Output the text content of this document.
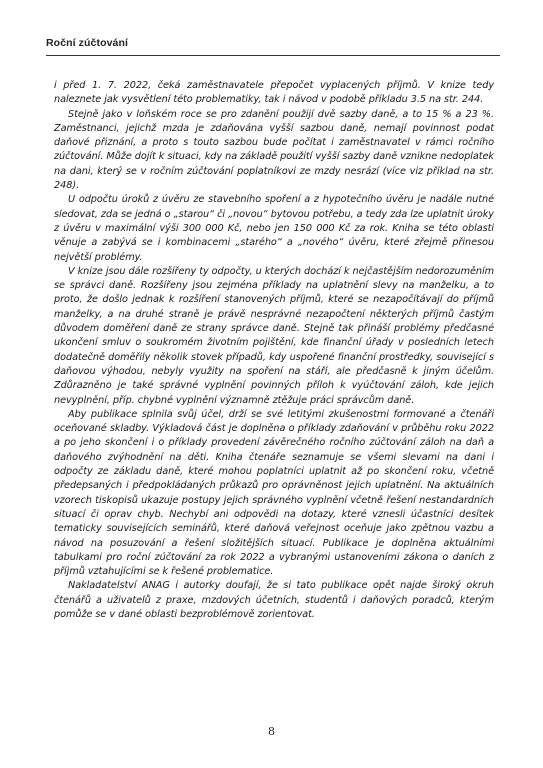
Roční zúčtování

i před 1. 7. 2022, čeká zaměstnavatele přepočet vyplacených příjmů. V knize tedy naleznete jak vysvětlení této problematiky, tak i návod v podobě příkladu 3.5 na str. 244.

Stejně jako v loňském roce se pro zdanění použijí dvě sazby daně, a to 15 % a 23 %. Zaměstnanci, jejichž mzda je zdaňována vyšší sazbou daně, nemají povinnost podat daňové přiznání, a proto s touto sazbou bude počítat i zaměstnavatel v rámci ročního zúčtování. Může dojít k situaci, kdy na základě použití vyšší sazby daně vznikne nedoplatek na dani, který se v ročním zúčtování poplatníkovi ze mzdy nesrází (více viz příklad na str. 248).

U odpočtu úroků z úvěru ze stavebního spoření a z hypotečního úvěru je nadále nutné sledovat, zda se jedná o „starou“ či „novou“ bytovou potřebu, a tedy zda lze uplatnit úroky z úvěru v maximální výši 300 000 Kč, nebo jen 150 000 Kč za rok. Kniha se této oblasti věnuje a zabývá se i kombinacemi „starého“ a „nového“ úvěru, které zřejmě přinesou největší problémy.

V knize jsou dále rozšířeny ty odpočty, u kterých dochází k nejčastějším nedorozuměním se správci daně. Rozšířeny jsou zejména příklady na uplatnění slevy na manželku, a to proto, že došlo jednak k rozšíření stanovených příjmů, které se nezapočítávají do příjmů manželky, a na druhé straně je právě nesprávné nezapočtení některých příjmů častým důvodem doměření daně ze strany správce daně. Stejně tak přináší problémy předčasné ukončení smluv o soukromém životním pojištění, kde finanční úřady v posledních letech dodatečně doměřily několik stovek případů, kdy uspořené finanční prostředky, související s daňovou výhodou, nebyly využity na spoření na stáří, ale předčasně k jiným účelům. Zdůrazněno je také správné vyplnění povinných příloh k vyúčtování záloh, kde jejich nevyplnění, příp. chybné vyplnění významně ztěžuje práci správcům daně.

Aby publikace splnila svůj účel, drží se své letitými zkušenostmi formované a čtenáři oceňované skladby. Výkladová část je doplněna o příklady zdaňování v průběhu roku 2022 a po jeho skončení i o příklady provedení závěrečného ročního zúčtování záloh na daň a daňového zvýhodnění na děti. Kniha čtenáře seznamuje se všemi slevami na dani i odpočty ze základu daně, které mohou poplatníci uplatnit až po skončení roku, včetně předepsaných i předpokládaných průkazů pro oprávněnost jejich uplatnění. Na aktuálních vzorech tiskopisů ukazuje postupy jejich správného vyplnění včetně řešení nestandardních situací či oprav chyb. Nechybí ani odpovědi na dotazy, které vznesli účastníci desítek tematicky souvisejících seminářů, které daňová veřejnost oceňuje jako zpětnou vazbu a návod na posuzování a řešení složitějších situací. Publikace je doplněna aktuálními tabulkami pro roční zúčtování za rok 2022 a vybranými ustanoveními zákona o daních z příjmů vztahujícími se k řešené problematice.

Nakladatelství ANAG i autorky doufají, že si tato publikace opět najde široký okruh čtenářů a uživatelů z praxe, mzdových účetních, studentů i daňových poradců, kterým pomůže se v dané oblasti bezproblémově zorientovat.

8
